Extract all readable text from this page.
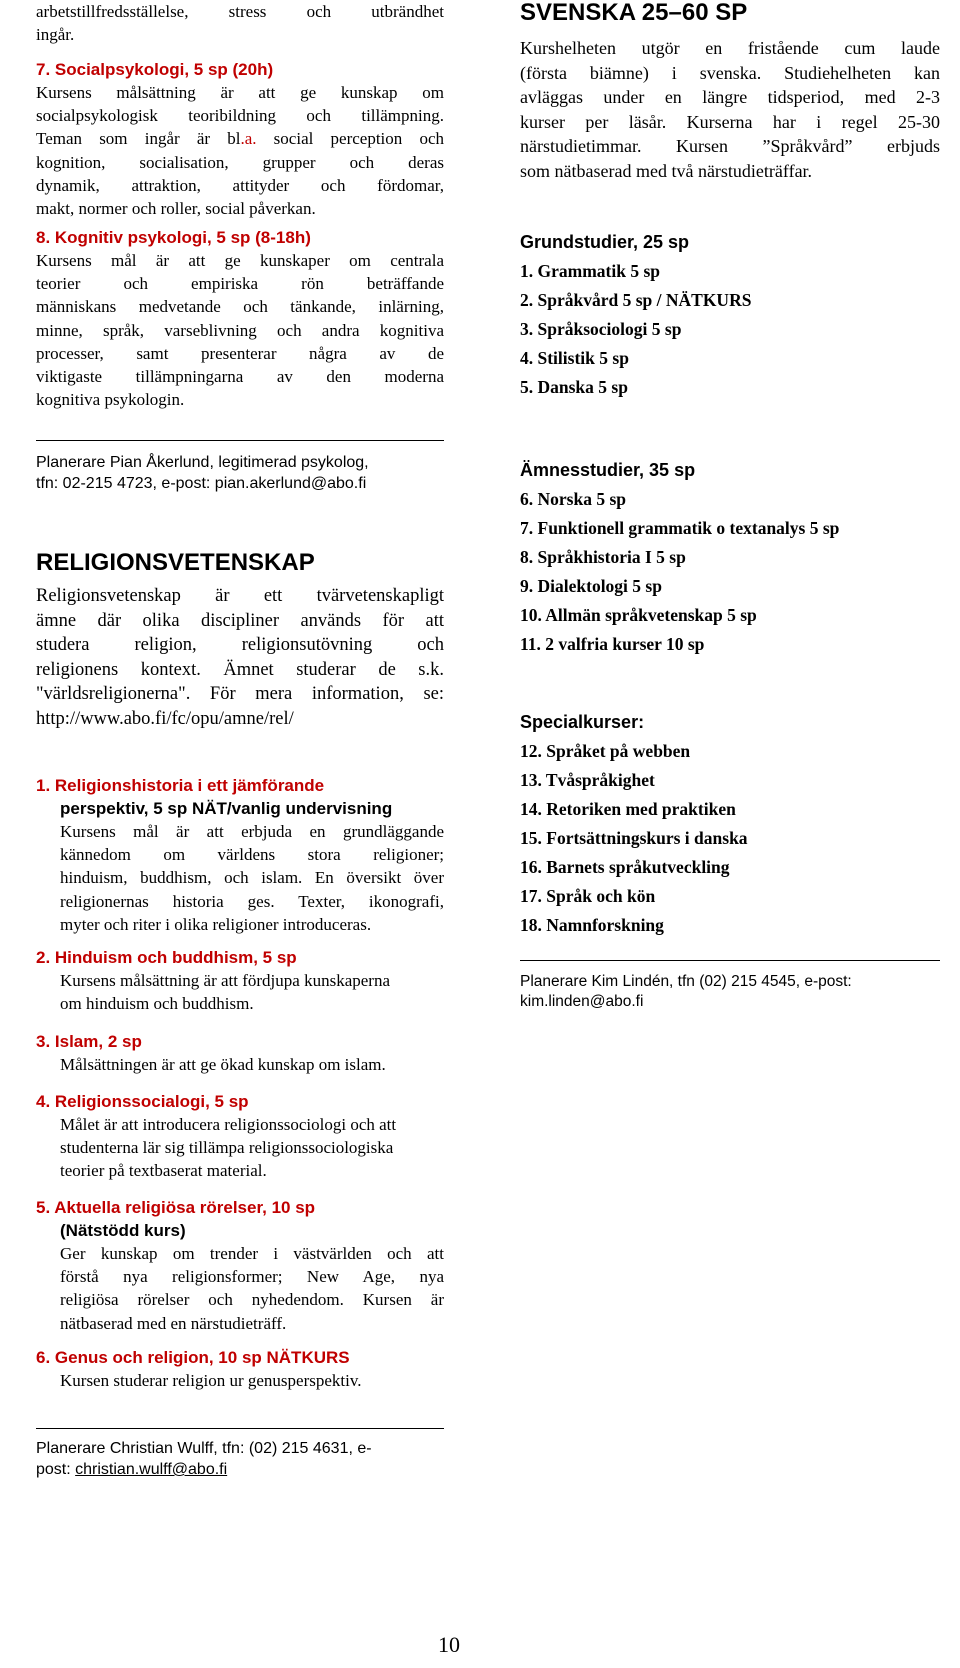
arbetstillfredsställelse, stress och utbrändhet

ingår.

7. Socialpsykologi, 5 sp (20h)

Kursens målsättning är att ge kunskap om

socialpsykologisk teoribildning och tillämpning.

Teman som ingår är bl.a. social perception och

kognition, socialisation, grupper och deras

dynamik, attraktion, attityder och fördomar,

makt, normer och roller, social påverkan.

8. Kognitiv psykologi, 5 sp (8-18h)

Kursens mål är att ge kunskaper om centrala

teorier och empiriska rön beträffande

människans medvetande och tänkande, inlärning,

minne, språk, varseblivning och andra kognitiva

processer, samt presenterar några av de

viktigaste tillämpningarna av den moderna

kognitiva psykologin.

Planerare Pian Åkerlund, legitimerad psykolog,

tfn: 02-215 4723, e-post: pian.akerlund@abo.fi

RELIGIONSVETENSKAP

Religionsvetenskap är ett tvärvetenskapligt

ämne där olika discipliner används för att

studera religion, religionsutövning och

religionens kontext. Ämnet studerar de s.k.

"världsreligionerna". För mera information, se:

http://www.abo.fi/fc/opu/amne/rel/

1. Religionshistoria i ett jämförande
perspektiv, 5 sp NÄT/vanlig undervisning

Kursens mål är att erbjuda en grundläggande

kännedom om världens stora religioner;

hinduism, buddhism, och islam. En översikt över

religionernas historia ges. Texter, ikonografi,

myter och riter i olika religioner introduceras.

2. Hinduism och buddhism, 5 sp

Kursens målsättning är att fördjupa kunskaperna

om hinduism och buddhism.

3. Islam, 2 sp

Målsättningen är att ge ökad kunskap om islam.

4. Religionssocialogi, 5 sp

Målet är att introducera religionssociologi och att

studenterna lär sig tillämpa religionssociologiska

teorier på textbaserat material.

5. Aktuella religiösa rörelser, 10 sp
(Nätstödd kurs)

Ger kunskap om trender i västvärlden och att

förstå nya religionsformer; New Age, nya

religiösa rörelser och nyhedendom. Kursen är

nätbaserad med en närstudieträff.

6. Genus och religion, 10 sp NÄTKURS

Kursen studerar religion ur genusperspektiv.

Planerare Christian Wulff, tfn: (02) 215 4631, e-

post: christian.wulff@abo.fi

SVENSKA 25–60 SP

Kurshelheten utgör en fristående cum laude

(första biämne) i svenska. Studiehelheten kan

avläggas under en längre tidsperiod, med 2-3

kurser per läsår. Kurserna har i regel 25-30

närstudietimmar. Kursen ”Språkvård” erbjuds

som nätbaserad med två närstudieträffar.

Grundstudier, 25 sp
1. Grammatik 5 sp
2. Språkvård 5 sp / NÄTKURS
3. Språksociologi 5 sp
4. Stilistik 5 sp
5. Danska 5 sp
Ämnesstudier, 35 sp
6. Norska 5 sp
7. Funktionell grammatik o textanalys 5 sp
8. Språkhistoria I 5 sp
9. Dialektologi 5 sp
10. Allmän språkvetenskap 5 sp
11. 2 valfria kurser 10 sp
Specialkurser:
12. Språket på webben
13. Tvåspråkighet
14. Retoriken med praktiken
15. Fortsättningskurs i danska
16. Barnets språkutveckling
17. Språk och kön
18. Namnforskning

Planerare Kim Lindén, tfn (02) 215 4545, e-post:

kim.linden@abo.fi

10
